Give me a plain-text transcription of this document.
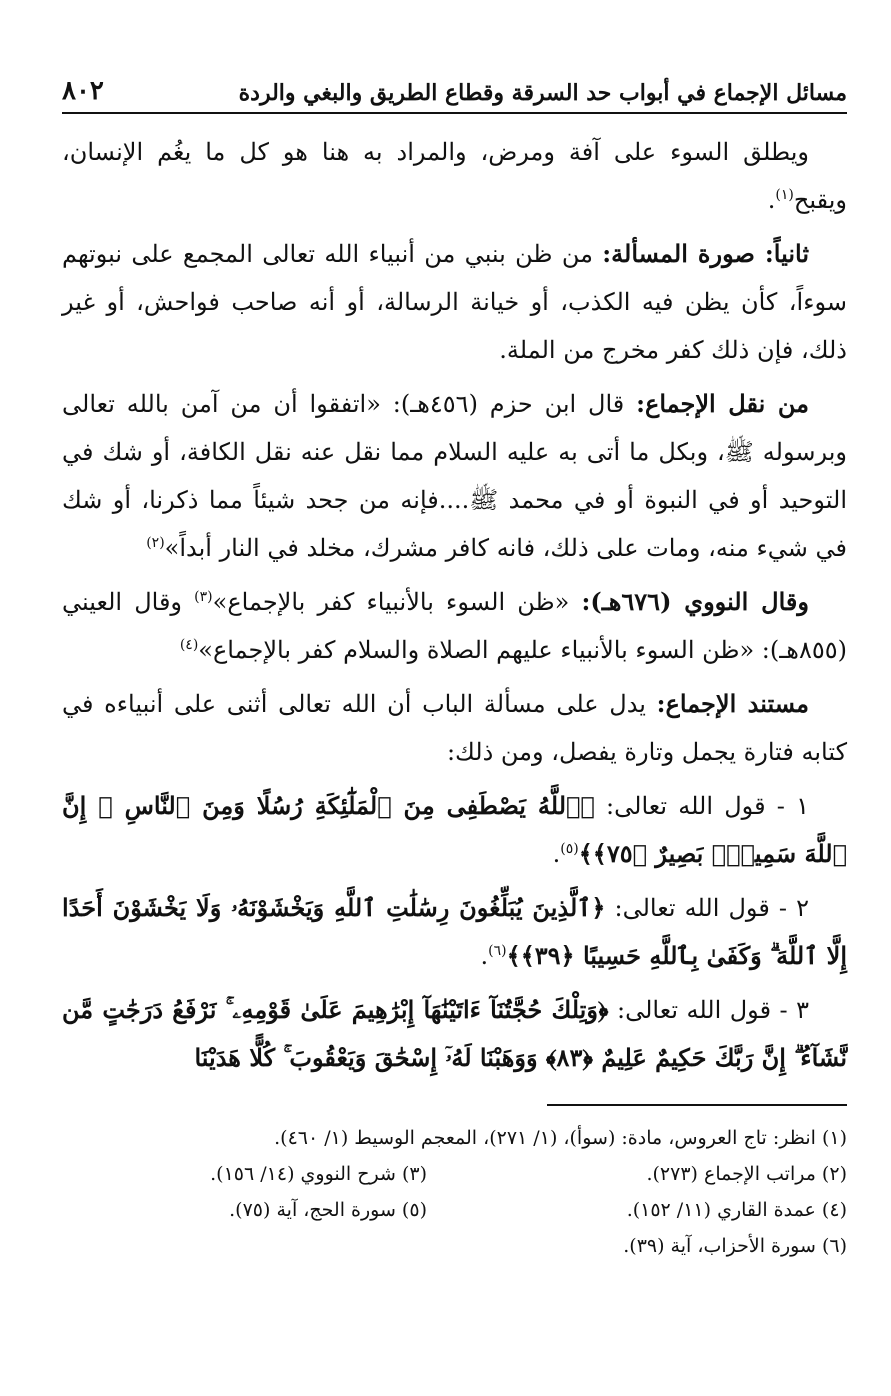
مسائل الإجماع في أبواب حد السرقة وقطاع الطريق والبغي والردة
٨٠٢

ويطلق السوء على آفة ومرض، والمراد به هنا هو كل ما يغُم الإنسان، ويقبح$^{(١)}$.

ثانياً: صورة المسألة: من ظن بنبي من أنبياء الله تعالى المجمع على نبوتهم سوءاً، كأن يظن فيه الكذب، أو خيانة الرسالة، أو أنه صاحب فواحش، أو غير ذلك، فإن ذلك كفر مخرج من الملة.

من نقل الإجماع: قال ابن حزم (٤٥٦هـ): «اتفقوا أن من آمن بالله تعالى وبرسوله ﷺ، وبكل ما أتى به عليه السلام مما نقل عنه نقل الكافة، أو شك في التوحيد أو في النبوة أو في محمد ﷺ....فإنه من جحد شيئاً مما ذكرنا، أو شك في شيء منه، ومات على ذلك، فانه كافر مشرك، مخلد في النار أبداً»$^{(٢)}$

وقال النووي (٦٧٦هـ): «ظن السوء بالأنبياء كفر بالإجماع»$^{(٣)}$ وقال العيني (٨٥٥هـ): «ظن السوء بالأنبياء عليهم الصلاة والسلام كفر بالإجماع»$^{(٤)}$

مستند الإجماع: يدل على مسألة الباب أن الله تعالى أثنى على أنبياءه في كتابه فتارة يجمل وتارة يفصل، ومن ذلك:

١ - قول الله تعالى: ﴿ٱللَّهُ يَصْطَفِى مِنَ ٱلْمَلَٰٓئِكَةِ رُسُلًا وَمِنَ ٱلنَّاسِ ۚ إِنَّ ٱللَّهَ سَمِيعٌۢ بَصِيرٌ ﴿٧٥﴾﴾$^{(٥)}$.

٢ - قول الله تعالى: ﴿ٱلَّذِينَ يُبَلِّغُونَ رِسَٰلَٰتِ ٱللَّهِ وَيَخْشَوْنَهُۥ وَلَا يَخْشَوْنَ أَحَدًا إِلَّا ٱللَّهَ ۗ وَكَفَىٰ بِٱللَّهِ حَسِيبًا ﴿٣٩﴾﴾$^{(٦)}$.

٣ - قول الله تعالى: ﴿وَتِلْكَ حُجَّتُنَآ ءَاتَيْنَٰهَآ إِبْرَٰهِيمَ عَلَىٰ قَوْمِهِۦ ۚ نَرْفَعُ دَرَجَٰتٍ مَّن نَّشَآءُ ۗ إِنَّ رَبَّكَ حَكِيمٌ عَلِيمٌ ﴿٨٣﴾ وَوَهَبْنَا لَهُۥٓ إِسْحَٰقَ وَيَعْقُوبَ ۚ كُلًّا هَدَيْنَا

(١) انظر: تاج العروس، مادة: (سوأ)، (١/ ٢٧١)، المعجم الوسيط (١/ ٤٦٠).
(٢) مراتب الإجماع (٢٧٣).
(٣) شرح النووي (١٤/ ١٥٦).
(٤) عمدة القاري (١١/ ١٥٢).
(٥) سورة الحج، آية (٧٥).
(٦) سورة الأحزاب، آية (٣٩).
